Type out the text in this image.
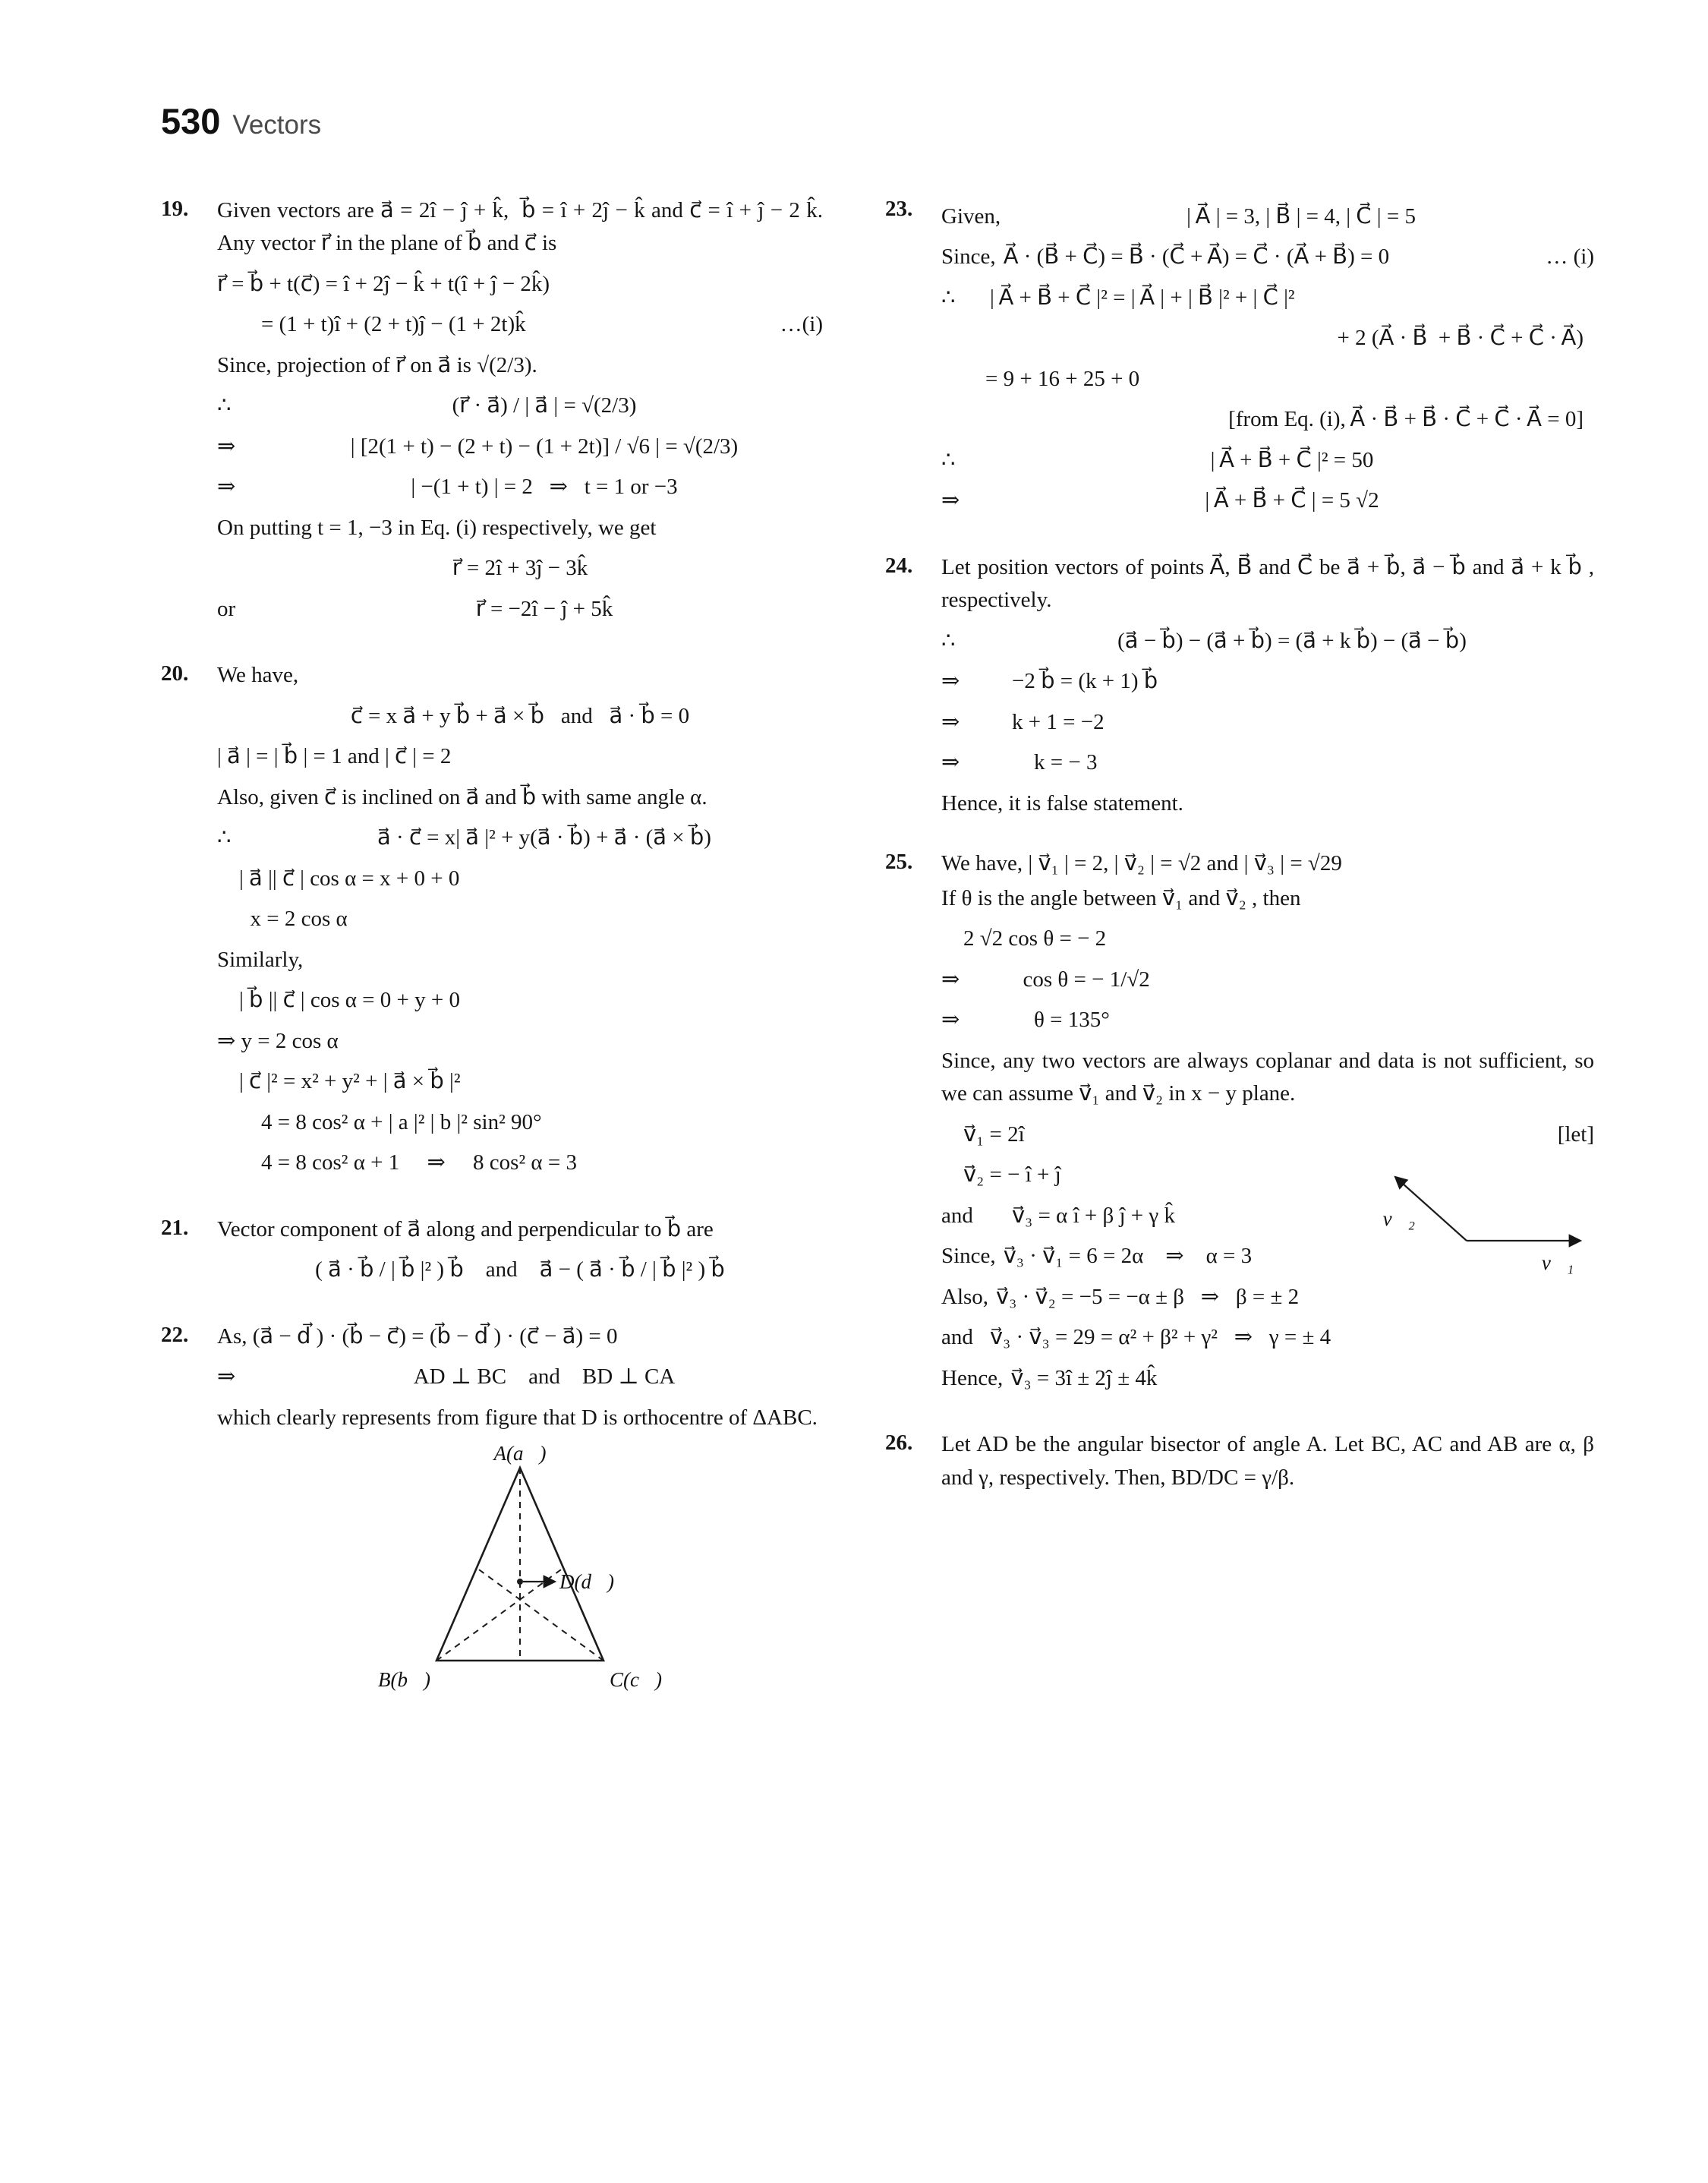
530 Vectors
19.	Given vectors are a⃗ = 2î − ĵ + k̂,  b⃗ = î + 2ĵ − k̂ and c⃗ = î + ĵ − 2 k̂. Any vector r⃗ in the plane of b⃗ and c⃗ is
r⃗ = b⃗ + t(c⃗) = î + 2ĵ − k̂ + t(î + ĵ − 2k̂)
= (1 + t)î + (2 + t)ĵ − (1 + 2t)k̂	…(i)
Since, projection of r⃗ on a⃗ is √(2/3).
∴	(r⃗ · a⃗) / | a⃗ | = √(2/3)
⇒	| [2(1 + t) − (2 + t) − (1 + 2t)] / √6 | = √(2/3)
⇒	| −(1 + t) | = 2   ⇒   t = 1 or −3
On putting t = 1, −3 in Eq. (i) respectively, we get
r⃗ = 2î + 3ĵ − 3k̂
or	r⃗ = −2î − ĵ + 5k̂
20.	We have,
c⃗ = x a⃗ + y b⃗ + a⃗ × b⃗   and   a⃗ · b⃗ = 0
| a⃗ | = | b⃗ | = 1 and | c⃗ | = 2
Also, given c⃗ is inclined on a⃗ and b⃗ with same angle α.
∴	a⃗ · c⃗ = x| a⃗ |² + y(a⃗ · b⃗) + a⃗ · (a⃗ × b⃗)
| a⃗ || c⃗ | cos α = x + 0 + 0
x = 2 cos α
Similarly,
| b⃗ || c⃗ | cos α = 0 + y + 0
⇒ y = 2 cos α
| c⃗ |² = x² + y² + | a⃗ × b⃗ |²
4 = 8 cos² α + | a |² | b |² sin² 90°
4 = 8 cos² α + 1     ⇒     8 cos² α = 3
21.	Vector component of a⃗ along and perpendicular to b⃗ are
( a⃗ · b⃗ / | b⃗ |² ) b⃗    and    a⃗ − ( a⃗ · b⃗ / | b⃗ |² ) b⃗
22.	As, (a⃗ − d⃗ ) · (b⃗ − c⃗) = (b⃗ − d⃗ ) · (c⃗ − a⃗) = 0
⇒	AD ⊥ BC    and    BD ⊥ CA
which clearly represents from figure that D is orthocentre of ΔABC.
A(a⃗)
B(b⃗)	C(c⃗)
D(d⃗)
23.	Given,	| A⃗ | = 3, | B⃗ | = 4, | C⃗ | = 5
Since, A⃗ · (B⃗ + C⃗) = B⃗ · (C⃗ + A⃗) = C⃗ · (A⃗ + B⃗) = 0	… (i)
∴	| A⃗ + B⃗ + C⃗ |² = | A⃗ | + | B⃗ |² + | C⃗ |²
+ 2 (A⃗ · B⃗  + B⃗ · C⃗ + C⃗ · A⃗)
= 9 + 16 + 25 + 0
[from Eq. (i), A⃗ · B⃗ + B⃗ · C⃗ + C⃗ · A⃗ = 0]
∴	| A⃗ + B⃗ + C⃗ |² = 50
⇒	| A⃗ + B⃗ + C⃗ | = 5 √2
24.	Let position vectors of points A⃗, B⃗ and C⃗ be a⃗ + b⃗, a⃗ − b⃗ and a⃗ + k b⃗ , respectively.
∴	(a⃗ − b⃗) − (a⃗ + b⃗) = (a⃗ + k b⃗) − (a⃗ − b⃗)
⇒	−2 b⃗ = (k + 1) b⃗
⇒	k + 1 = −2
⇒	k = − 3
Hence, it is false statement.
25.	We have, | v⃗₁ | = 2, | v⃗₂ | = √2 and | v⃗₃ | = √29
If θ is the angle between v⃗₁ and v⃗₂ , then
2 √2 cos θ = − 2
⇒	cos θ = − 1/√2
⇒	θ = 135°
Since, any two vectors are always coplanar and data is not sufficient, so we can assume v⃗₁ and v⃗₂ in x − y plane.
v⃗₁ = 2î	[let]
v⃗₂
v⃗₁
v⃗₂ = − î + ĵ
and	v⃗₃ = α î + β ĵ + γ k̂
Since, v⃗₃ · v⃗₁ = 6 = 2α    ⇒    α = 3
Also, v⃗₃ · v⃗₂ = −5 = −α ± β   ⇒   β = ± 2
and v⃗₃ · v⃗₃ = 29 = α² + β² + γ²   ⇒   γ = ± 4
Hence, v⃗₃ = 3î ± 2ĵ ± 4k̂
26.	Let AD be the angular bisector of angle A. Let BC, AC and AB are α, β and γ, respectively. Then, BD/DC = γ/β.
